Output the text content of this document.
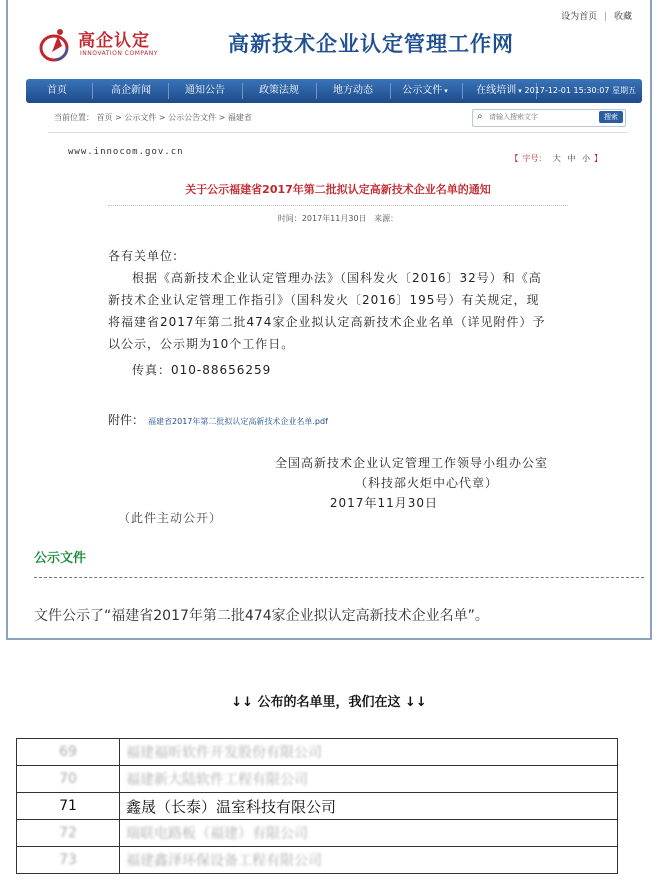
设为首页 | 收藏
高企认定
INNOVATION COMPANY	高新技术企业认定管理工作网
首页	高企新闻	通知公告	政策法规	地方动态	公示文件 ▾	在线培训 ▾ 2017-12-01 15:30:07 星期五
当前位置： 首页 > 公示文件 > 公示公告文件 > 福建省	⌕
请输入搜索文字	搜索
www.innocom.gov.cn
【 字号： 大 中 小 】
关于公示福建省2017年第二批拟认定高新技术企业名单的通知
时间：2017年11月30日 来源：
各有关单位:
根据《高新技术企业认定管理办法》（国科发火〔2016〕32号）和《高
新技术企业认定管理工作指引》（国科发火〔2016〕195号）有关规定，现
将福建省2017年第二批474家企业拟认定高新技术企业名单（详见附件）予
以公示，公示期为10个工作日。
传真：010-88656259
附件： 福建省2017年第二批拟认定高新技术企业名单.pdf
全国高新技术企业认定管理工作领导小组办公室
（科技部火炬中心代章）
2017年11月30日
（此件主动公开）
公示文件
文件公示了“福建省2017年第二批474家企业拟认定高新技术企业名单”。
↓↓ 公布的名单里，我们在这 ↓↓
69	福建福昕软件开发股份有限公司
70	福建新大陆软件工程有限公司
71	鑫晟（长泰）温室科技有限公司
72	瑞联电路板（福建）有限公司
73	福建鑫泽环保设备工程有限公司
